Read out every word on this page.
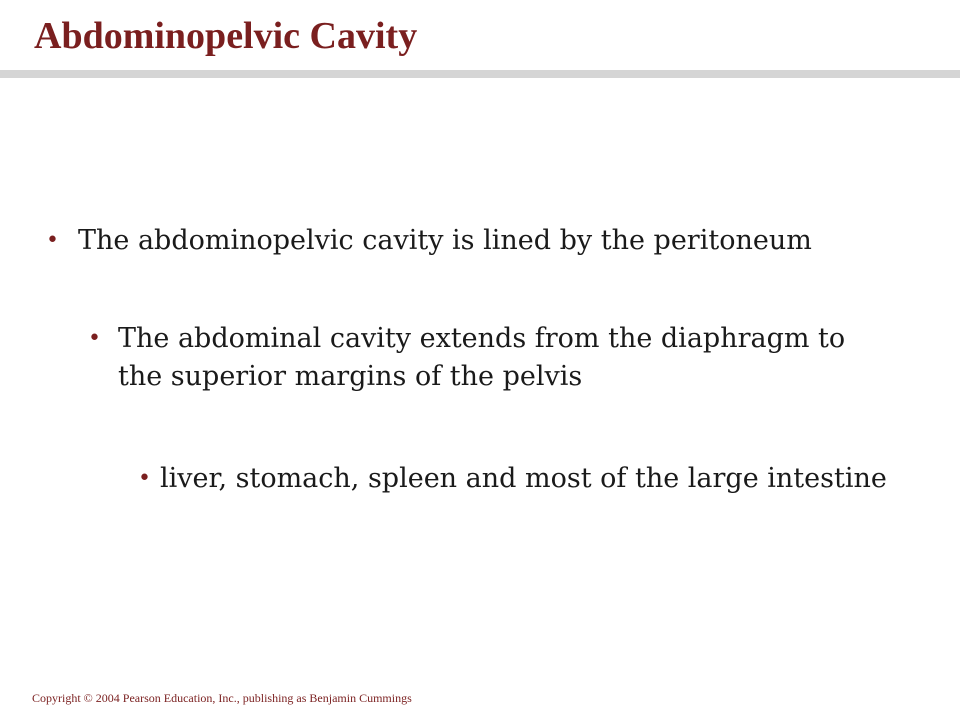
Abdominopelvic Cavity
• The abdominopelvic cavity is lined by the peritoneum
• The abdominal cavity extends from the diaphragm to the superior margins of the pelvis
• liver, stomach, spleen and most of the large intestine
Copyright © 2004 Pearson Education, Inc., publishing as Benjamin Cummings
